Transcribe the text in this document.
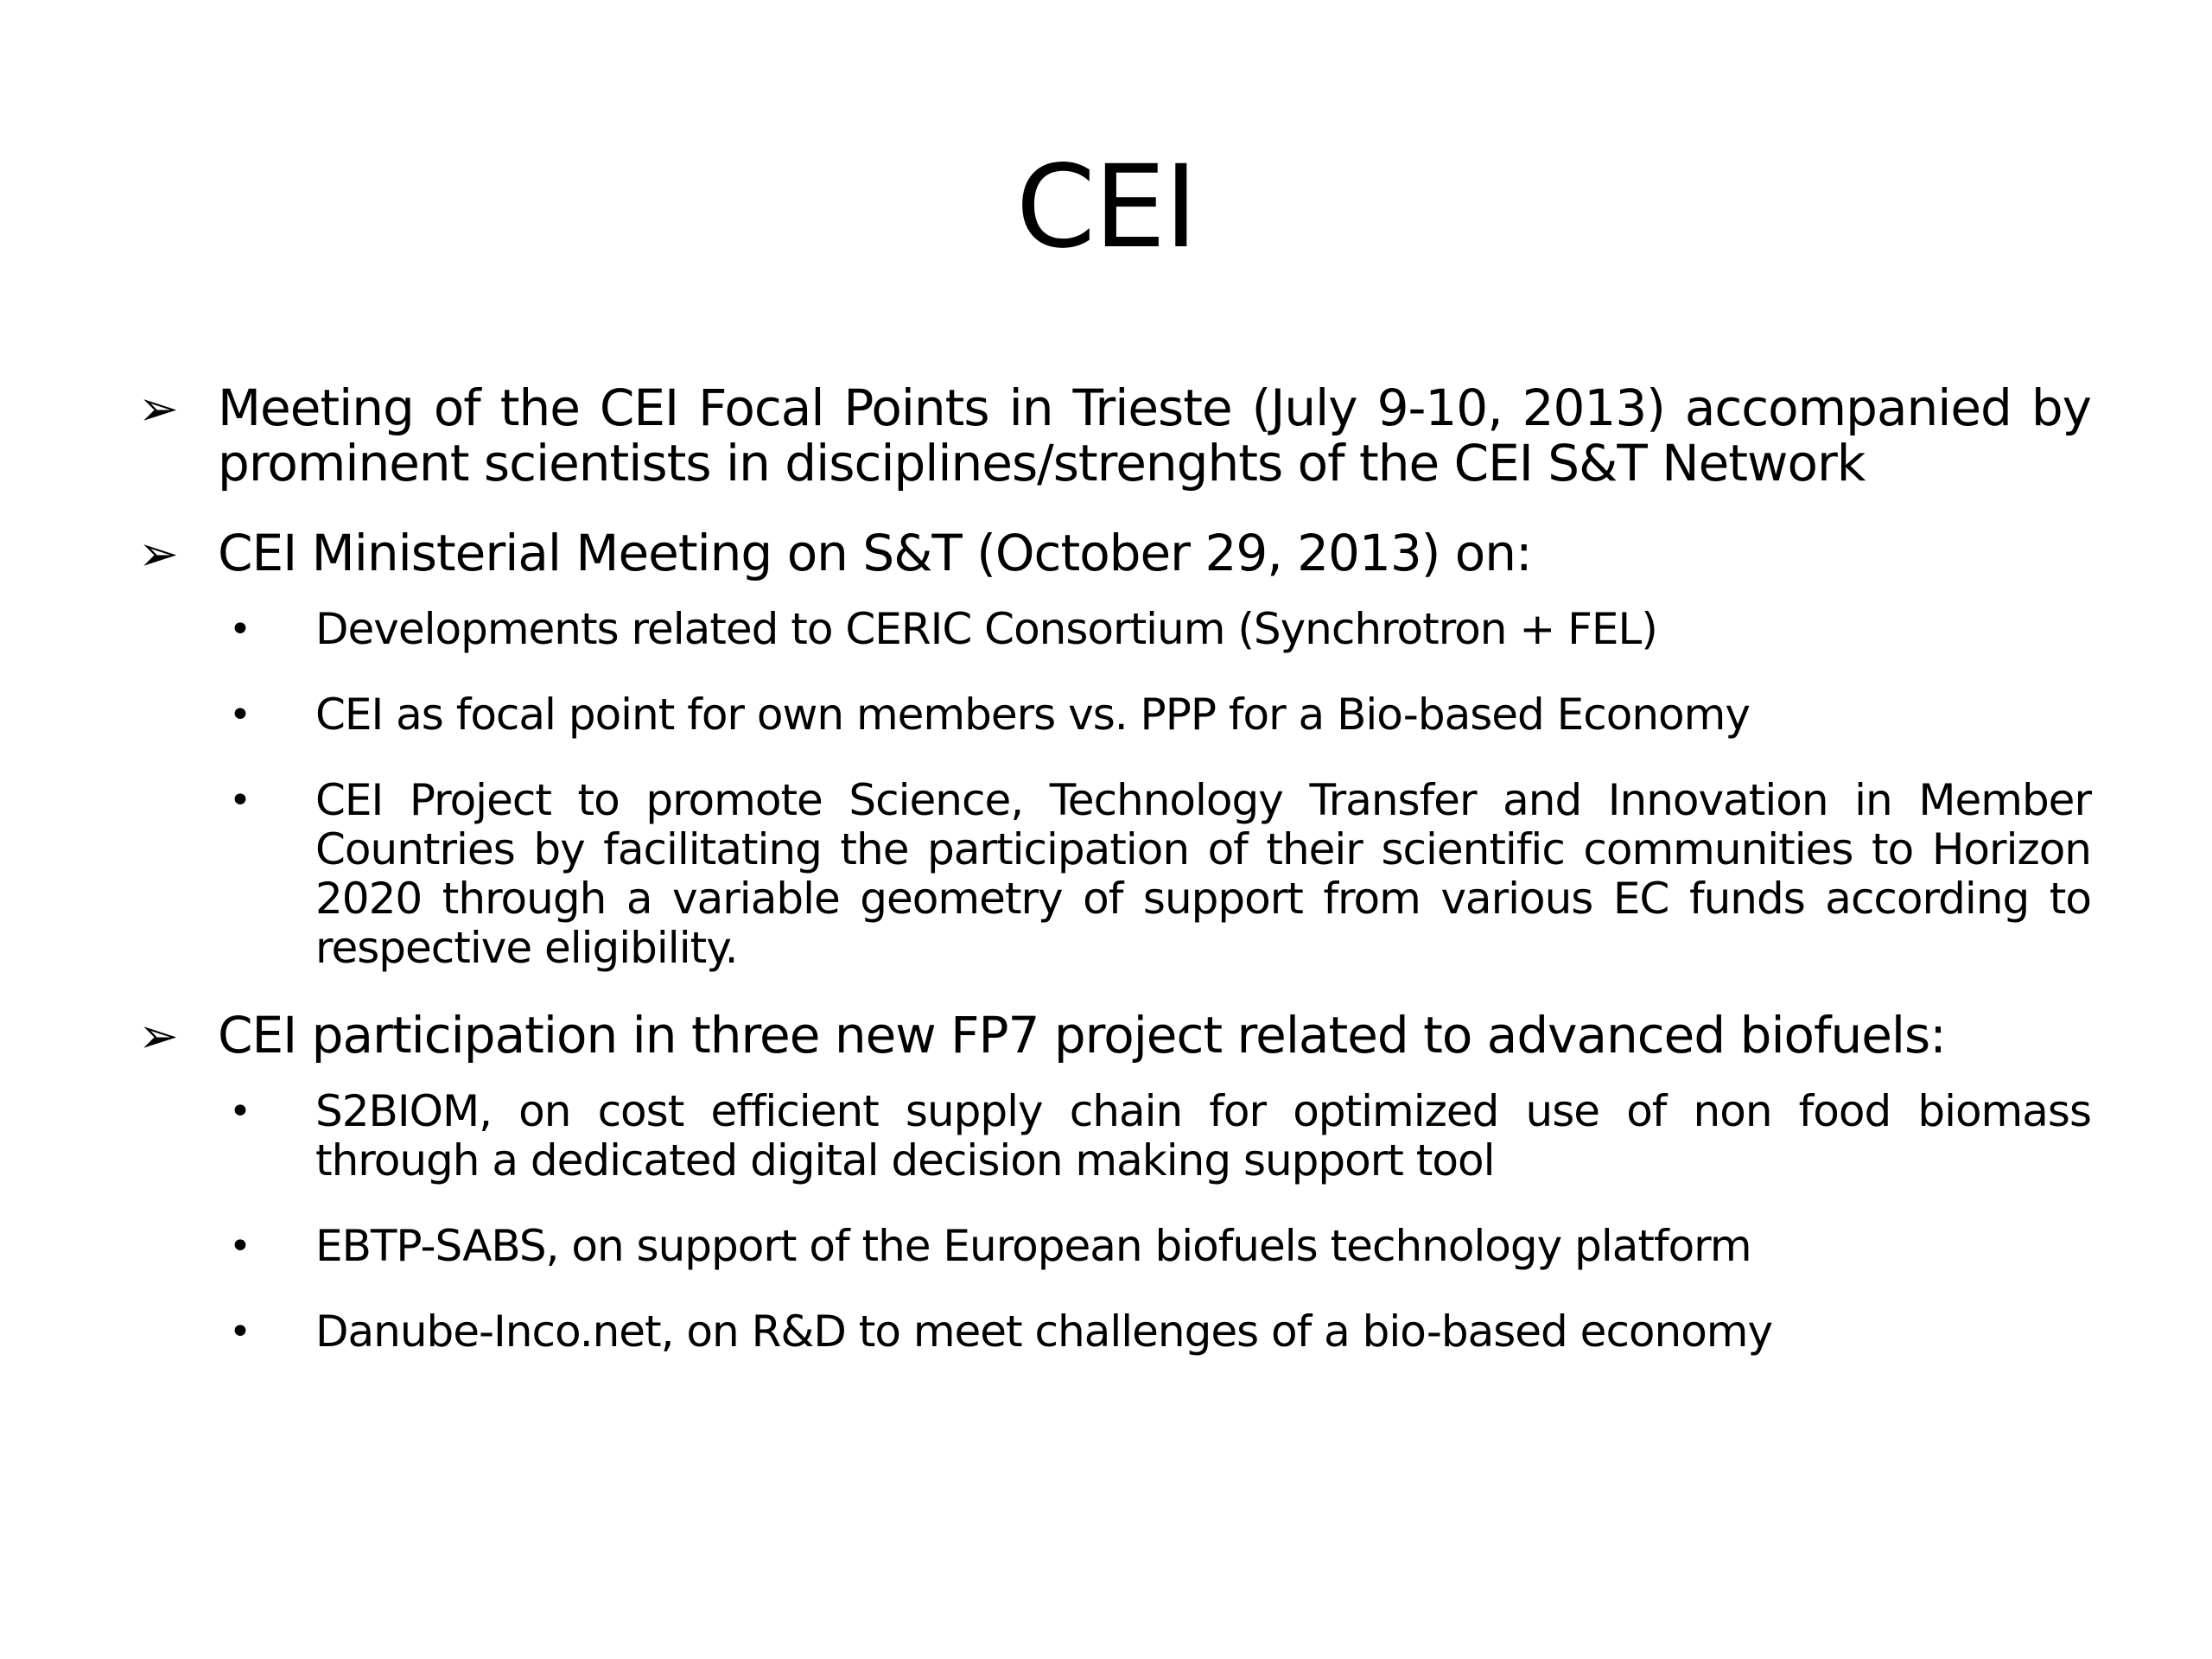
CEI
➢ Meeting of the CEI Focal Points in Trieste (July 9-10, 2013) accompanied by prominent scientists in disciplines/strenghts of the CEI S&T Network
➢ CEI Ministerial Meeting on S&T (October 29, 2013) on:
• Developments related to CERIC Consortium (Synchrotron + FEL)
• CEI as focal point for own members vs. PPP for a Bio-based Economy
• CEI Project to promote Science, Technology Transfer and Innovation in Member Countries by facilitating the participation of their scientific communities to Horizon 2020 through a variable geometry of support from various EC funds according to respective eligibility.
➢ CEI participation in three new FP7 project related to advanced biofuels:
• S2BIOM, on cost efficient supply chain for optimized use of non food biomass through a dedicated digital decision making support tool
• EBTP-SABS, on support of the European biofuels technology platform
• Danube-Inco.net, on R&D to meet challenges of a bio-based economy
